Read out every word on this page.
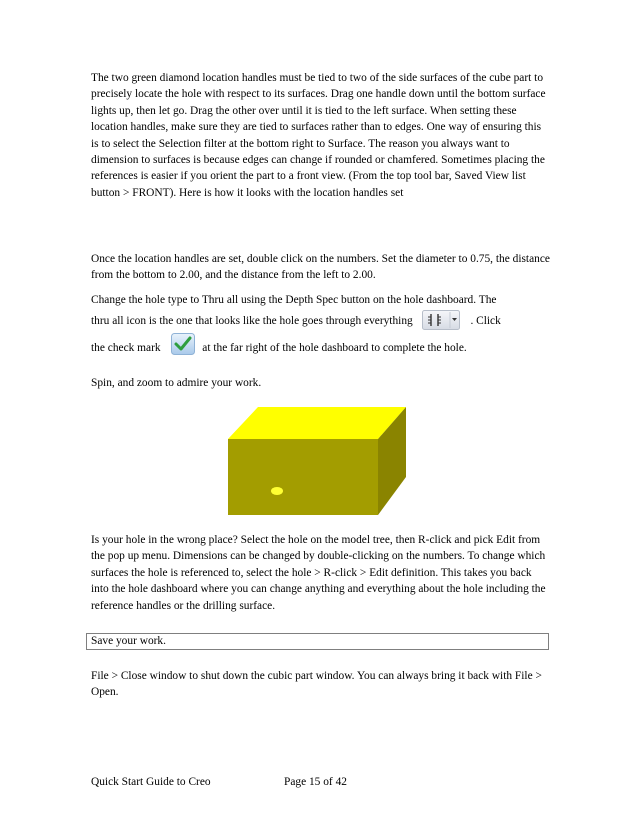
The two green diamond location handles must be tied to two of the side surfaces of the cube part to precisely locate the hole with respect to its surfaces. Drag one handle down until the bottom surface lights up, then let go. Drag the other over until it is tied to the left surface. When setting these location handles, make sure they are tied to surfaces rather than to edges. One way of ensuring this is to select the Selection filter at the bottom right to Surface. The reason you always want to dimension to surfaces is because edges can change if rounded or chamfered. Sometimes placing the references is easier if you orient the part to a front view. (From the top tool bar, Saved View list button > FRONT). Here is how it looks with the location handles set

Once the location handles are set, double click on the numbers. Set the diameter to 0.75, the distance from the bottom to 2.00, and the distance from the left to 2.00.

Change the hole type to Thru all using the Depth Spec button on the hole dashboard. The

thru all icon is the one that looks like the hole goes through everything	. Click
the check mark	at the far right of the hole dashboard to complete the hole.

Spin, and zoom to admire your work.

Is your hole in the wrong place? Select the hole on the model tree, then R-click and pick Edit from the pop up menu. Dimensions can be changed by double-clicking on the numbers. To change which surfaces the hole is referenced to, select the hole > R-click > Edit definition. This takes you back into the hole dashboard where you can change anything and everything about the hole including the reference handles or the drilling surface.

Save your work.

File > Close window to shut down the cubic part window. You can always bring it back with File > Open.

Quick Start Guide to Creo	Page 15 of 42
